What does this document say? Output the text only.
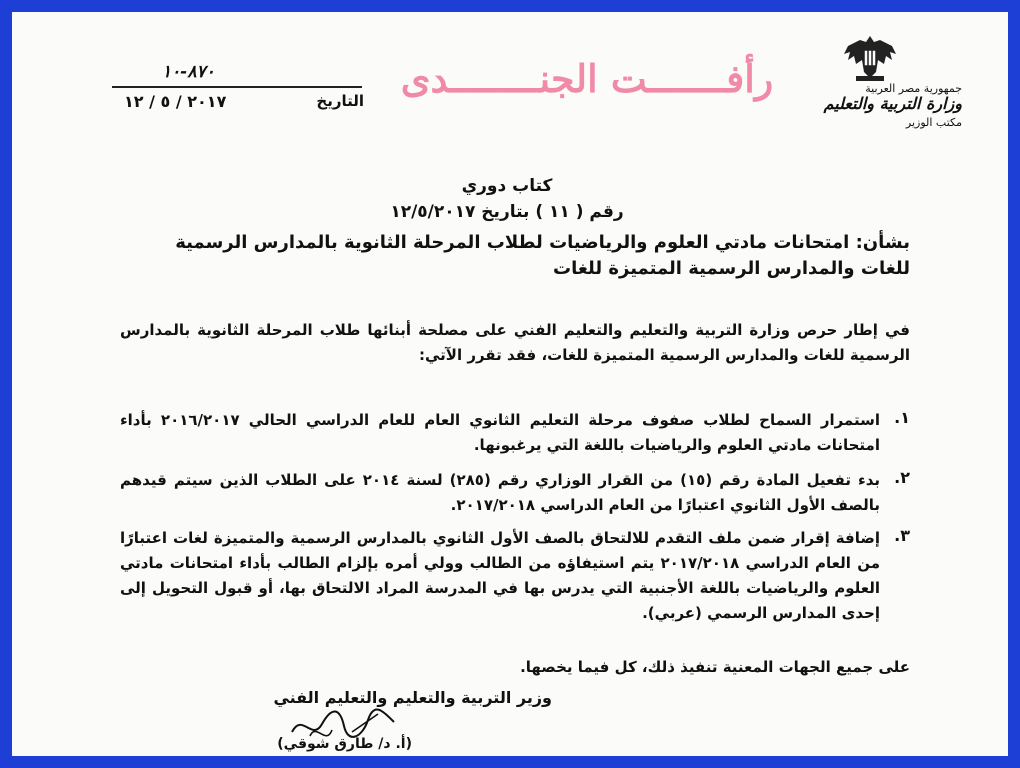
جمهورية مصر العربية
وزارة التربية والتعليم
مكتب الوزير
رأفـــــــت الجنــــــــدى
٨٧٠-١٠
التاريخ
٢٠١٧ / ٥ / ١٢
كتاب دوري
رقم ( ١١ ) بتاريخ ١٢/٥/٢٠١٧
بشأن: امتحانات مادتي العلوم والرياضيات لطلاب المرحلة الثانوية بالمدارس الرسمية للغات والمدارس الرسمية المتميزة للغات
في إطار حرص وزارة التربية والتعليم والتعليم الفني على مصلحة أبنائها طلاب المرحلة الثانوية بالمدارس الرسمية للغات والمدارس الرسمية المتميزة للغات، فقد تقرر الآتي:
.١
استمرار السماح لطلاب صفوف مرحلة التعليم الثانوي العام للعام الدراسي الحالي ٢٠١٦/٢٠١٧ بأداء امتحانات مادتي العلوم والرياضيات باللغة التي يرغبونها.
.٢
بدء تفعيل المادة رقم (١٥) من القرار الوزاري رقم (٢٨٥) لسنة ٢٠١٤ على الطلاب الذين سيتم قيدهم بالصف الأول الثانوي اعتبارًا من العام الدراسي ٢٠١٧/٢٠١٨.
.٣
إضافة إقرار ضمن ملف التقدم للالتحاق بالصف الأول الثانوي بالمدارس الرسمية والمتميزة لغات اعتبارًا من العام الدراسي ٢٠١٧/٢٠١٨ يتم استيفاؤه من الطالب وولي أمره بإلزام الطالب بأداء امتحانات مادتي العلوم والرياضيات باللغة الأجنبية التي يدرس بها في المدرسة المراد الالتحاق بها، أو قبول التحويل إلى إحدى المدارس الرسمي (عربي).
على جميع الجهات المعنية تنفيذ ذلك، كل فيما يخصها.
وزير التربية والتعليم والتعليم الفني
(أ. د/ طارق شوقي)
